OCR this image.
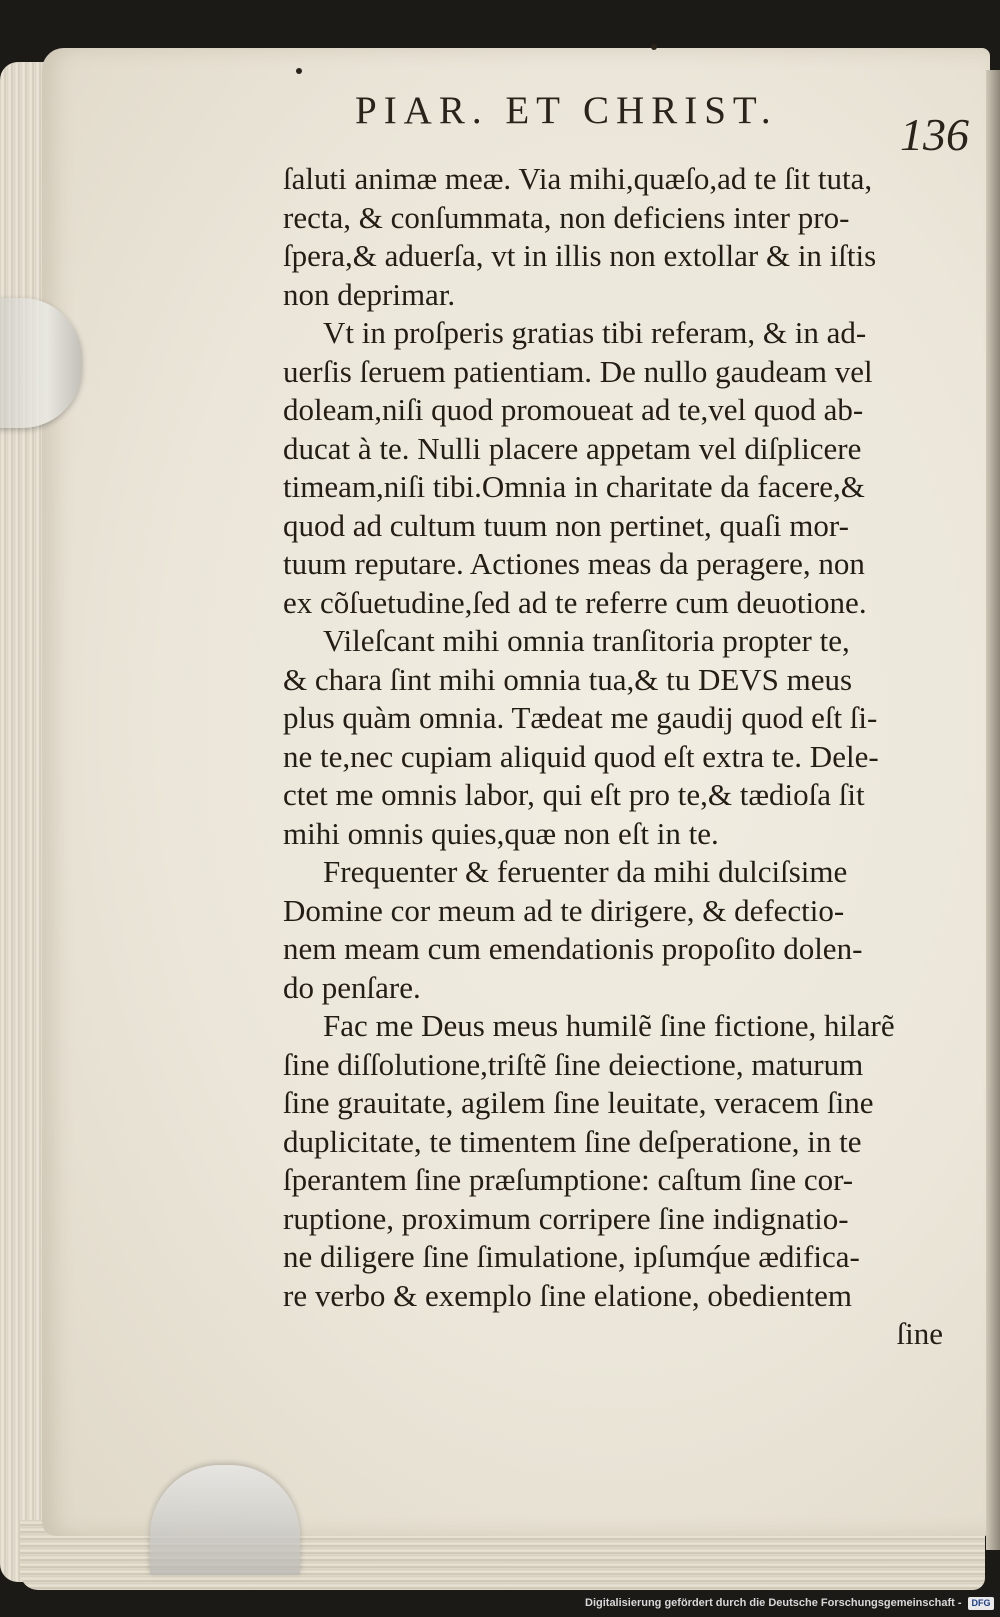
PIAR. ET CHRIST.	136
ſaluti animæ meæ. Via mihi,quæſo,ad te ſit tuta,
recta, & conſummata, non deficiens inter pro-
ſpera,& aduerſa, vt in illis non extollar & in iſtis
non deprimar.
Vt in proſperis gratias tibi referam, & in ad-
uerſis ſeruem patientiam. De nullo gaudeam vel
doleam,niſi quod promoueat ad te,vel quod ab-
ducat à te. Nulli placere appetam vel diſplicere
timeam,niſi tibi.Omnia in charitate da facere,&
quod ad cultum tuum non pertinet, quaſi mor-
tuum reputare. Actiones meas da peragere, non
ex cõſuetudine,ſed ad te referre cum deuotione.
Vileſcant mihi omnia tranſitoria propter te,
& chara ſint mihi omnia tua,& tu DEVS meus
plus quàm omnia. Tædeat me gaudij quod eſt ſi-
ne te,nec cupiam aliquid quod eſt extra te. Dele-
ctet me omnis labor, qui eſt pro te,& tædioſa ſit
mihi omnis quies,quæ non eſt in te.
Frequenter & feruenter da mihi dulciſsime
Domine cor meum ad te dirigere, & defectio-
nem meam cum emendationis propoſito dolen-
do penſare.
Fac me Deus meus humilẽ ſine fictione, hilarẽ
ſine diſſolutione,triſtẽ ſine deiectione, maturum
ſine grauitate, agilem ſine leuitate, veracem ſine
duplicitate, te timentem ſine deſperatione, in te
ſperantem ſine præſumptione: caſtum ſine cor-
ruptione, proximum corripere ſine indignatio-
ne diligere ſine ſimulatione, ipſumq́ue ædifica-
re verbo & exemplo ſine elatione, obedientem
ſine
Digitalisierung gefördert durch die Deutsche Forschungsgemeinschaft -	DFG
